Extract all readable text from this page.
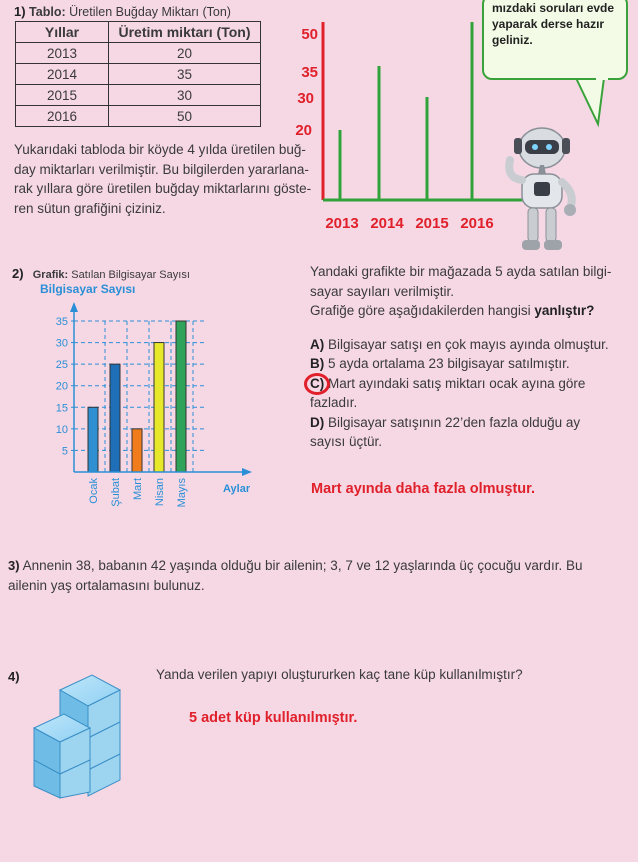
1) Tablo: Üretilen Buğday Miktarı (Ton)
Yıllar	Üretim miktarı (Ton)
2013	20
2014	35
2015	30
2016	50
Yukarıdaki tabloda bir köyde 4 yılda üretilen buğ-
day miktarları verilmiştir. Bu bilgilerden yararlana-
rak yıllara göre üretilen buğday miktarlarını göste-
ren sütun grafiğini çiziniz.
50
35
30
20
2013 2014 2015 2016
mızdaki soruları evde
yaparak derse hazır
geliniz.
2) Grafik: Satılan Bilgisayar Sayısı
Bilgisayar Sayısı
5
10
15
20
25
30
35
Ocak Şubat Mart Nisan Mayıs	Aylar
Yandaki grafikte bir mağazada 5 ayda satılan bilgi-
sayar sayıları verilmiştir.
Grafiğe göre aşağıdakilerden hangisi yanlıştır?
A) Bilgisayar satışı en çok mayıs ayında olmuştur.
B) 5 ayda ortalama 23 bilgisayar satılmıştır.
C) Mart ayındaki satış miktarı ocak ayına göre
fazladır.
D) Bilgisayar satışının 22’den fazla olduğu ay
sayısı üçtür.
Mart ayında daha fazla olmuştur.
3) Annenin 38, babanın 42 yaşında olduğu bir ailenin; 3, 7 ve 12 yaşlarında üç çocuğu vardır. Bu
ailenin yaş ortalamasını bulunuz.
4)	Yanda verilen yapıyı oluştururken kaç tane küp kullanılmıştır?
5 adet küp kullanılmıştır.
